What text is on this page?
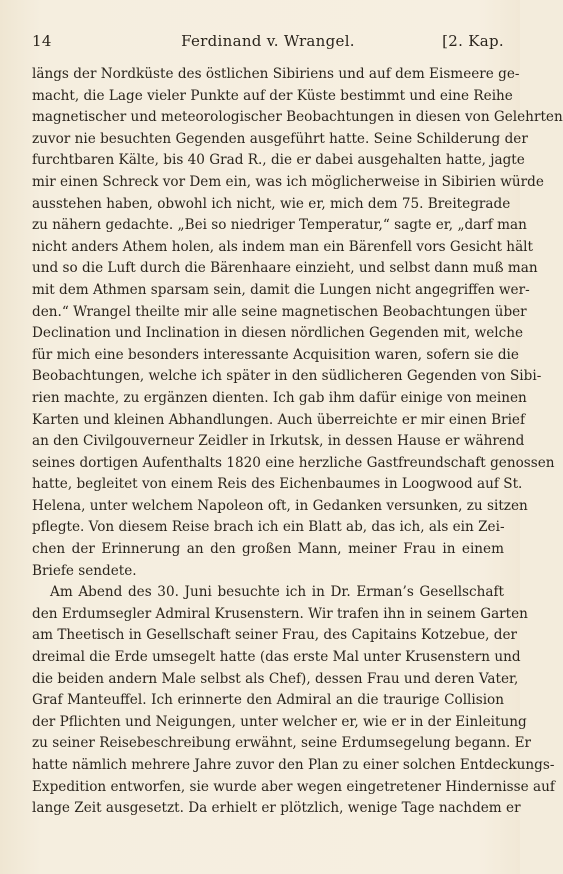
14	Ferdinand v. Wrangel.	[2. Kap.
längs der Nordküste des östlichen Sibiriens und auf dem Eismeere ge-
macht, die Lage vieler Punkte auf der Küste bestimmt und eine Reihe
magnetischer und meteorologischer Beobachtungen in diesen von Gelehrten
zuvor nie besuchten Gegenden ausgeführt hatte. Seine Schilderung der
furchtbaren Kälte, bis 40 Grad R., die er dabei ausgehalten hatte, jagte
mir einen Schreck vor Dem ein, was ich möglicherweise in Sibirien würde
ausstehen haben, obwohl ich nicht, wie er, mich dem 75. Breitegrade
zu nähern gedachte. „Bei so niedriger Temperatur,“ sagte er, „darf man
nicht anders Athem holen, als indem man ein Bärenfell vors Gesicht hält
und so die Luft durch die Bärenhaare einzieht, und selbst dann muß man
mit dem Athmen sparsam sein, damit die Lungen nicht angegriffen wer-
den.“ Wrangel theilte mir alle seine magnetischen Beobachtungen über
Declination und Inclination in diesen nördlichen Gegenden mit, welche
für mich eine besonders interessante Acquisition waren, sofern sie die
Beobachtungen, welche ich später in den südlicheren Gegenden von Sibi-
rien machte, zu ergänzen dienten. Ich gab ihm dafür einige von meinen
Karten und kleinen Abhandlungen. Auch überreichte er mir einen Brief
an den Civilgouverneur Zeidler in Irkutsk, in dessen Hause er während
seines dortigen Aufenthalts 1820 eine herzliche Gastfreundschaft genossen
hatte, begleitet von einem Reis des Eichenbaumes in Loogwood auf St.
Helena, unter welchem Napoleon oft, in Gedanken versunken, zu sitzen
pflegte. Von diesem Reise brach ich ein Blatt ab, das ich, als ein Zei-
chen der Erinnerung an den großen Mann, meiner Frau in einem
Briefe sendete.
Am Abend des 30. Juni besuchte ich in Dr. Erman’s Gesellschaft
den Erdumsegler Admiral Krusenstern. Wir trafen ihn in seinem Garten
am Theetisch in Gesellschaft seiner Frau, des Capitains Kotzebue, der
dreimal die Erde umsegelt hatte (das erste Mal unter Krusenstern und
die beiden andern Male selbst als Chef), dessen Frau und deren Vater,
Graf Manteuffel. Ich erinnerte den Admiral an die traurige Collision
der Pflichten und Neigungen, unter welcher er, wie er in der Einleitung
zu seiner Reisebeschreibung erwähnt, seine Erdumsegelung begann. Er
hatte nämlich mehrere Jahre zuvor den Plan zu einer solchen Entdeckungs-
Expedition entworfen, sie wurde aber wegen eingetretener Hindernisse auf
lange Zeit ausgesetzt. Da erhielt er plötzlich, wenige Tage nachdem er
